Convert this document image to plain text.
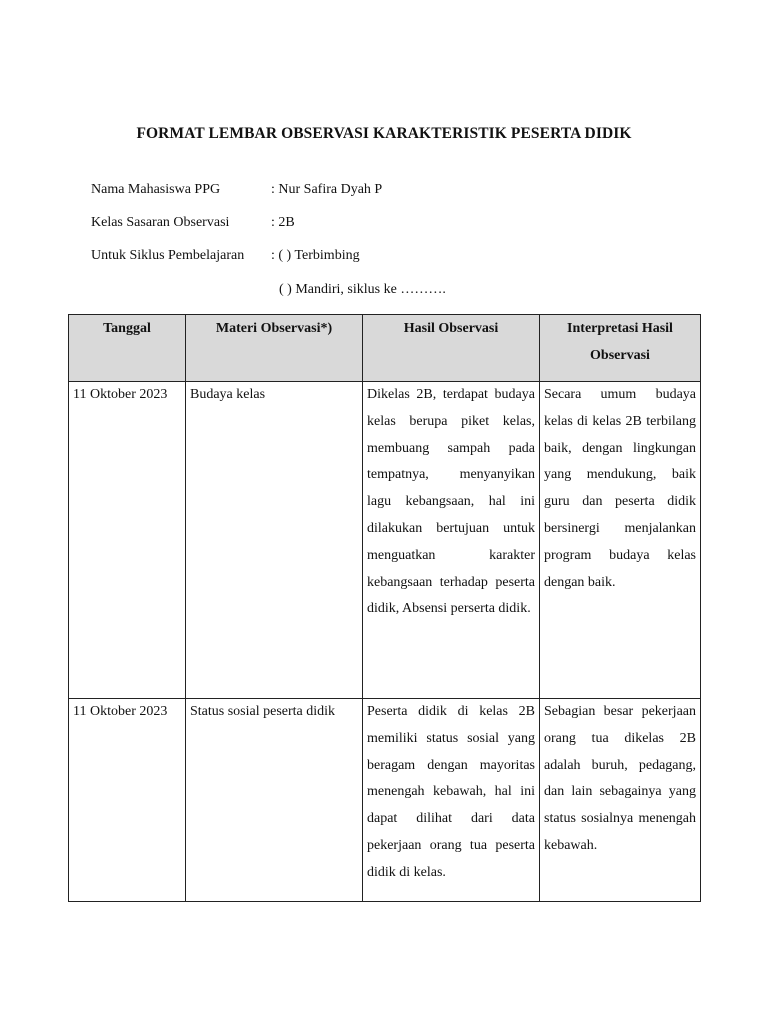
FORMAT LEMBAR OBSERVASI KARAKTERISTIK PESERTA DIDIK
Nama Mahasiswa PPG	: Nur Safira Dyah P
Kelas Sasaran Observasi	: 2B
Untuk Siklus Pembelajaran : ( ) Terbimbing
( ) Mandiri, siklus ke ……….
Tanggal	Materi Observasi*)	Hasil Observasi	Interpretasi Hasil Observasi
11 Oktober 2023	Budaya kelas	Dikelas 2B, terdapat budaya kelas berupa piket kelas, membuang sampah pada tempatnya, menyanyikan lagu kebangsaan, hal ini dilakukan bertujuan untuk menguatkan karakter kebangsaan terhadap peserta didik, Absensi perserta didik.	Secara umum budaya kelas di kelas 2B terbilang baik, dengan lingkungan yang mendukung, baik guru dan peserta didik bersinergi menjalankan program budaya kelas dengan baik.
11 Oktober 2023	Status sosial peserta didik	Peserta didik di kelas 2B memiliki status sosial yang beragam dengan mayoritas menengah kebawah, hal ini dapat dilihat dari data pekerjaan orang tua peserta didik di kelas.	Sebagian besar pekerjaan orang tua dikelas 2B adalah buruh, pedagang, dan lain sebagainya yang status sosialnya menengah kebawah.
